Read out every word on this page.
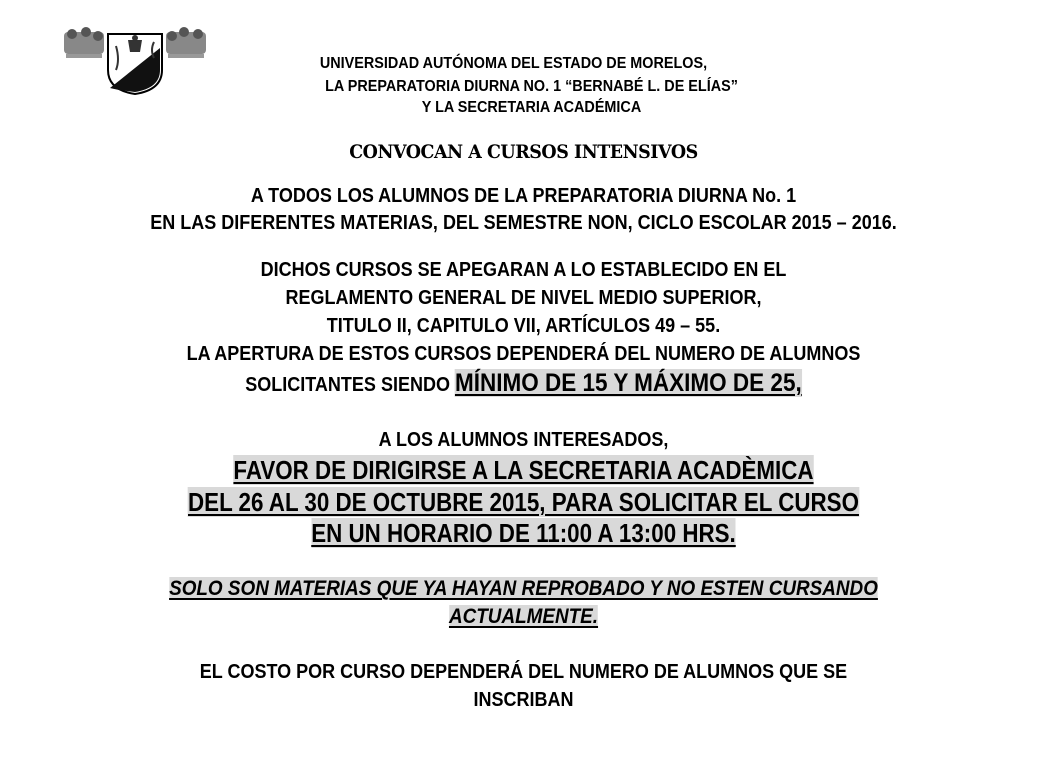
UNIVERSIDAD AUTÓNOMA DEL ESTADO DE MORELOS,
LA PREPARATORIA DIURNA NO. 1 “BERNABÉ L. DE ELÍAS”
Y LA SECRETARIA ACADÉMICA
CONVOCAN A CURSOS INTENSIVOS
A TODOS LOS ALUMNOS DE LA PREPARATORIA DIURNA No. 1
EN LAS DIFERENTES MATERIAS, DEL SEMESTRE NON, CICLO ESCOLAR 2015 – 2016.
DICHOS CURSOS SE APEGARAN A LO ESTABLECIDO EN EL
REGLAMENTO GENERAL DE NIVEL MEDIO SUPERIOR,
TITULO II, CAPITULO VII, ARTÍCULOS 49 – 55.
LA APERTURA DE ESTOS CURSOS DEPENDERÁ DEL NUMERO DE ALUMNOS
SOLICITANTES SIENDO MÍNIMO DE 15 Y MÁXIMO DE 25,
A LOS ALUMNOS INTERESADOS,
FAVOR DE DIRIGIRSE A LA SECRETARIA ACADÈMICA
DEL 26 AL 30 DE OCTUBRE 2015, PARA SOLICITAR EL CURSO
EN UN HORARIO DE 11:00 A 13:00 HRS.
SOLO SON MATERIAS QUE YA HAYAN REPROBADO Y NO ESTEN CURSANDO
ACTUALMENTE.
EL COSTO POR CURSO DEPENDERÁ DEL NUMERO DE ALUMNOS QUE SE
INSCRIBAN
